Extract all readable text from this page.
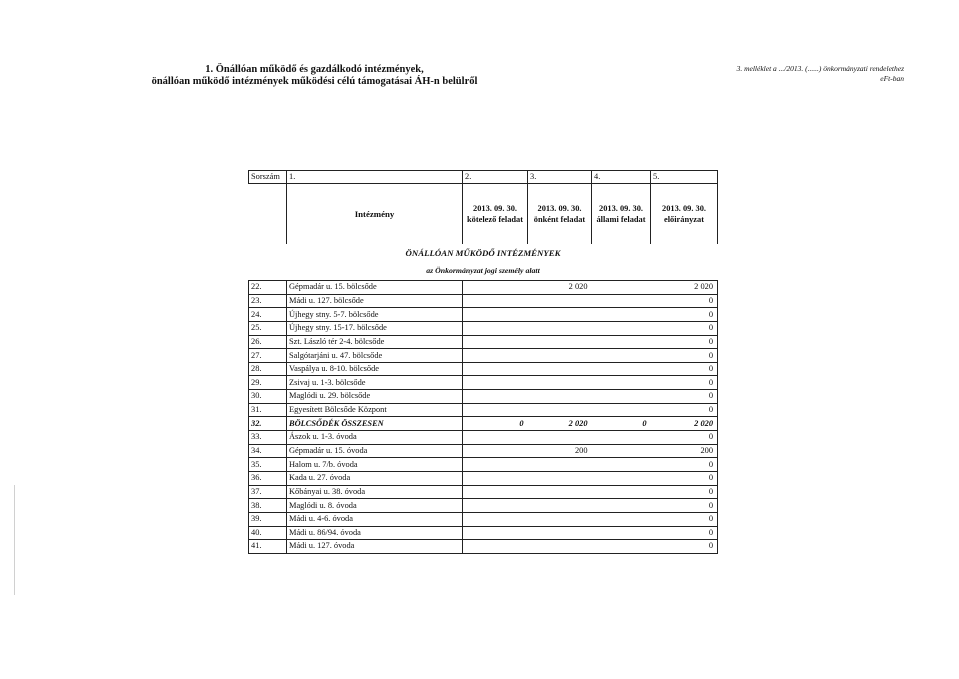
1. Önállóan működő és gazdálkodó intézmények,
önállóan működő intézmények működési célú támogatásai ÁH-n belülről
3. melléklet a .../2013. (......) önkormányzati rendelethez
eFt-ban
Sorszám	1.	2.	3.	4.	5.
	Intézmény	2013. 09. 30. kötelező feladat	2013. 09. 30. önként feladat	2013. 09. 30. állami feladat	2013. 09. 30. előirányzat
ÖNÁLLÓAN MŰKÖDŐ INTÉZMÉNYEK					
az Önkormányzat jogi személy alatt					
22.	Gépmadár u. 15. bölcsőde		2 020		2 020
23.	Mádi u. 127. bölcsőde				0
24.	Újhegy stny. 5-7. bölcsőde				0
25.	Újhegy stny. 15-17. bölcsőde				0
26.	Szt. László tér 2-4. bölcsőde				0
27.	Salgótarjáni u. 47. bölcsőde				0
28.	Vaspálya u. 8-10. bölcsőde				0
29.	Zsivaj u. 1-3. bölcsőde				0
30.	Maglódi u. 29. bölcsőde				0
31.	Egyesített Bölcsőde Központ				0
32.	BÖLCSŐDÉK ÖSSZESEN	0	2 020	0	2 020
33.	Ászok u. 1-3. óvoda				0
34.	Gépmadár u. 15. óvoda		200		200
35.	Halom u. 7/b. óvoda				0
36.	Kada u. 27. óvoda				0
37.	Kőbányai u. 38. óvoda				0
38.	Maglódi u. 8. óvoda				0
39.	Mádi u. 4-6. óvoda				0
40.	Mádi u. 86/94. óvoda				0
41.	Mádi u. 127. óvoda				0
